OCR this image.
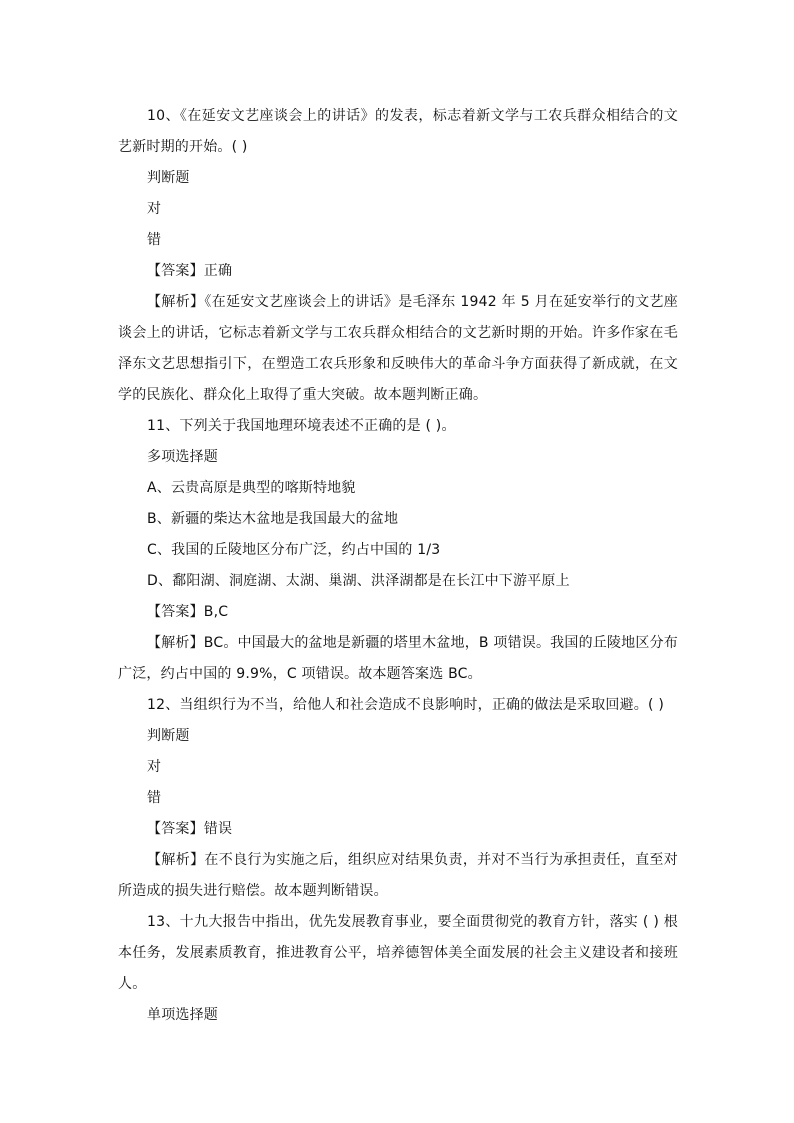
10、《在延安文艺座谈会上的讲话》的发表，标志着新文学与工农兵群众相结合的文艺新时期的开始。( )

判断题

对

错

【答案】正确

【解析】《在延安文艺座谈会上的讲话》是毛泽东 1942 年 5 月在延安举行的文艺座谈会上的讲话，它标志着新文学与工农兵群众相结合的文艺新时期的开始。许多作家在毛泽东文艺思想指引下，在塑造工农兵形象和反映伟大的革命斗争方面获得了新成就，在文学的民族化、群众化上取得了重大突破。故本题判断正确。

11、下列关于我国地理环境表述不正确的是 ( )。

多项选择题

A、云贵高原是典型的喀斯特地貌

B、新疆的柴达木盆地是我国最大的盆地

C、我国的丘陵地区分布广泛，约占中国的 1/3

D、鄱阳湖、洞庭湖、太湖、巢湖、洪泽湖都是在长江中下游平原上

【答案】B,C

【解析】BC。中国最大的盆地是新疆的塔里木盆地，B 项错误。我国的丘陵地区分布广泛，约占中国的 9.9%，C 项错误。故本题答案选 BC。

12、当组织行为不当，给他人和社会造成不良影响时，正确的做法是采取回避。( )

判断题

对

错

【答案】错误

【解析】在不良行为实施之后，组织应对结果负责，并对不当行为承担责任，直至对所造成的损失进行赔偿。故本题判断错误。

13、十九大报告中指出，优先发展教育事业，要全面贯彻党的教育方针，落实 ( ) 根本任务，发展素质教育，推进教育公平，培养德智体美全面发展的社会主义建设者和接班人。

单项选择题
